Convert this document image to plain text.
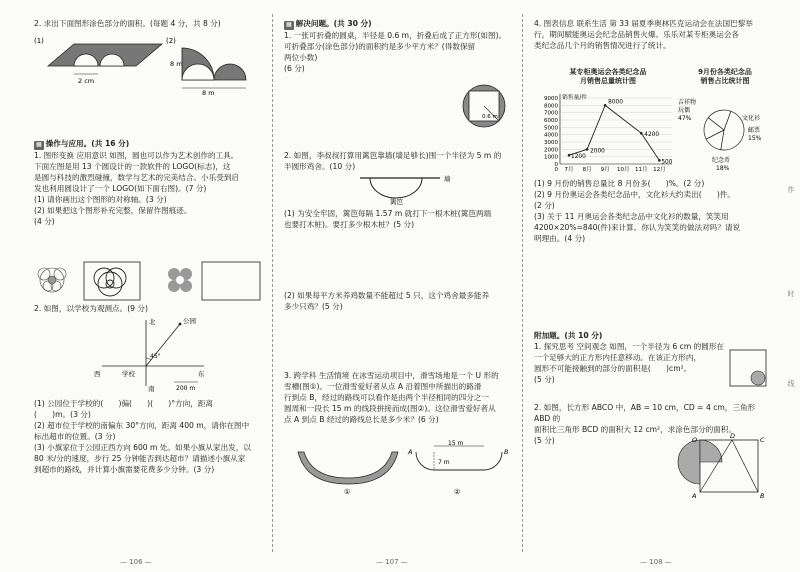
2. 求出下面图形涂色部分的面积。(每题 4 分，共 8 分)

(1)
2 cm
(2)
8 m
8 m

▦ 操作与应用。(共 16 分)

1. 图形变换 应用意识 如图，圆也可以作为艺术创作的工具。

下面左图是用 13 个圆设计的一款软件的 LOGO(标志)，这

是圆与科技的激烈碰撞，数学与艺术的完美结合。小乐受到启

发也利用圆设计了一个 LOGO(如下面右图)。(7 分)

(1) 请你画出这个图形的对称轴。(3 分)

(2) 如果把这个图形补充完整，保留作图痕迹。

(4 分)

2. 如图，以学校为观测点。(9 分)

北	公园
45°
西	学校	东
南	200 m

(1) 公园位于学校的(　　)偏(　　)(　　)°方向，距离

(　　)m。(3 分)

(2) 超市位于学校的南偏东 30°方向，距离 400 m，请你在图中

标出超市的位置。(3 分)

(3) 小旗家位于公园正西方向 600 m 处。如果小旗从家出发，以

80 米/分的速度，步行 25 分钟能否到达超市？请描述小旗从家

到超市的路线，并计算小旗需要花费多少分钟。(3 分)

— 106 —

▦ 解决问题。(共 30 分)

1. 一张可折叠的圆桌，半径是 0.6 m，折叠后成了正方形(如图)。

可折叠部分(涂色部分)的面积约是多少平方米？(得数保留

两位小数)

(6 分)

0.6 m

2. 如图，李叔叔打算用篱笆靠墙(墙足够长)围一个半径为 5 m 的

半圆形鸡舍。(10 分)

墙
篱笆

(1) 为安全牢固，篱笆每隔 1.57 m 就打下一根木桩(篱笆两端

也要打木桩)。要打多少根木桩？(5 分)

(2) 如果每平方米养鸡数量不能超过 5 只，这个鸡舍最多能养

多少只鸡？(5 分)

3. 跨学科 生活情境 在冰雪运动项目中，滑雪场地是一个 U 形的

雪槽(图①)。一位滑雪爱好者从点 A 沿着图中所描出的路滑

行到点 B，经过的路线可以看作是由两个半径相同的四分之一

圆周和一段长 15 m 的线段拼接而成(图②)。这位滑雪爱好者从

点 A 到点 B 经过的路线总长是多少米？(6 分)

①
15 m
7 m
A	B
②
— 107 —

4. 图表信息 联系生活 第 33 届夏季奥林匹克运动会在法国巴黎举

行，期间赋能奥运会纪念品销售火爆。乐乐对某专柜奥运会各

类纪念品几个月的销售情况进行了统计。

某专柜奥运会各类纪念品
月销售总量统计图
9月份各类纪念品
销售占比统计图
0
1000
2000
3000
4000
5000
6000
7000
8000
9000 销售量/件
0 7月 8月 9月 10月 11月 12月
1200
2000
8000
4200
500
吉祥物
玩偶
47%
邮票
15%
纪念币
18%
文化衫

(1) 9 月份的销售总量比 8 月份多(　　)%。(2 分)

(2) 9 月份奥运会各类纪念品中，文化衫大约卖出(　　)件。

(2 分)

(3) 关于 11 月奥运会各类纪念品中文化衫的数量，笑笑用

4200×20%=840(件)来计算。你认为笑笑的做法对吗？请说

明理由。(4 分)

附加题。(共 10 分)

1. 探究思考 空间观念 如图，一个半径为 6 cm 的圆形在

一个足够大的正方形内任意移动。在该正方形内，

圆形不可能接触到的部分的面积是(　　)cm²。

(5 分)

2. 如图，长方形 ABCO 中，AB = 10 cm，CD = 4 cm，三角形 ABD 的

面积比三角形 BCD 的面积大 12 cm²，求涂色部分的面积。

(5 分)	O	D	C
A	B
— 108 —
作
时
线
